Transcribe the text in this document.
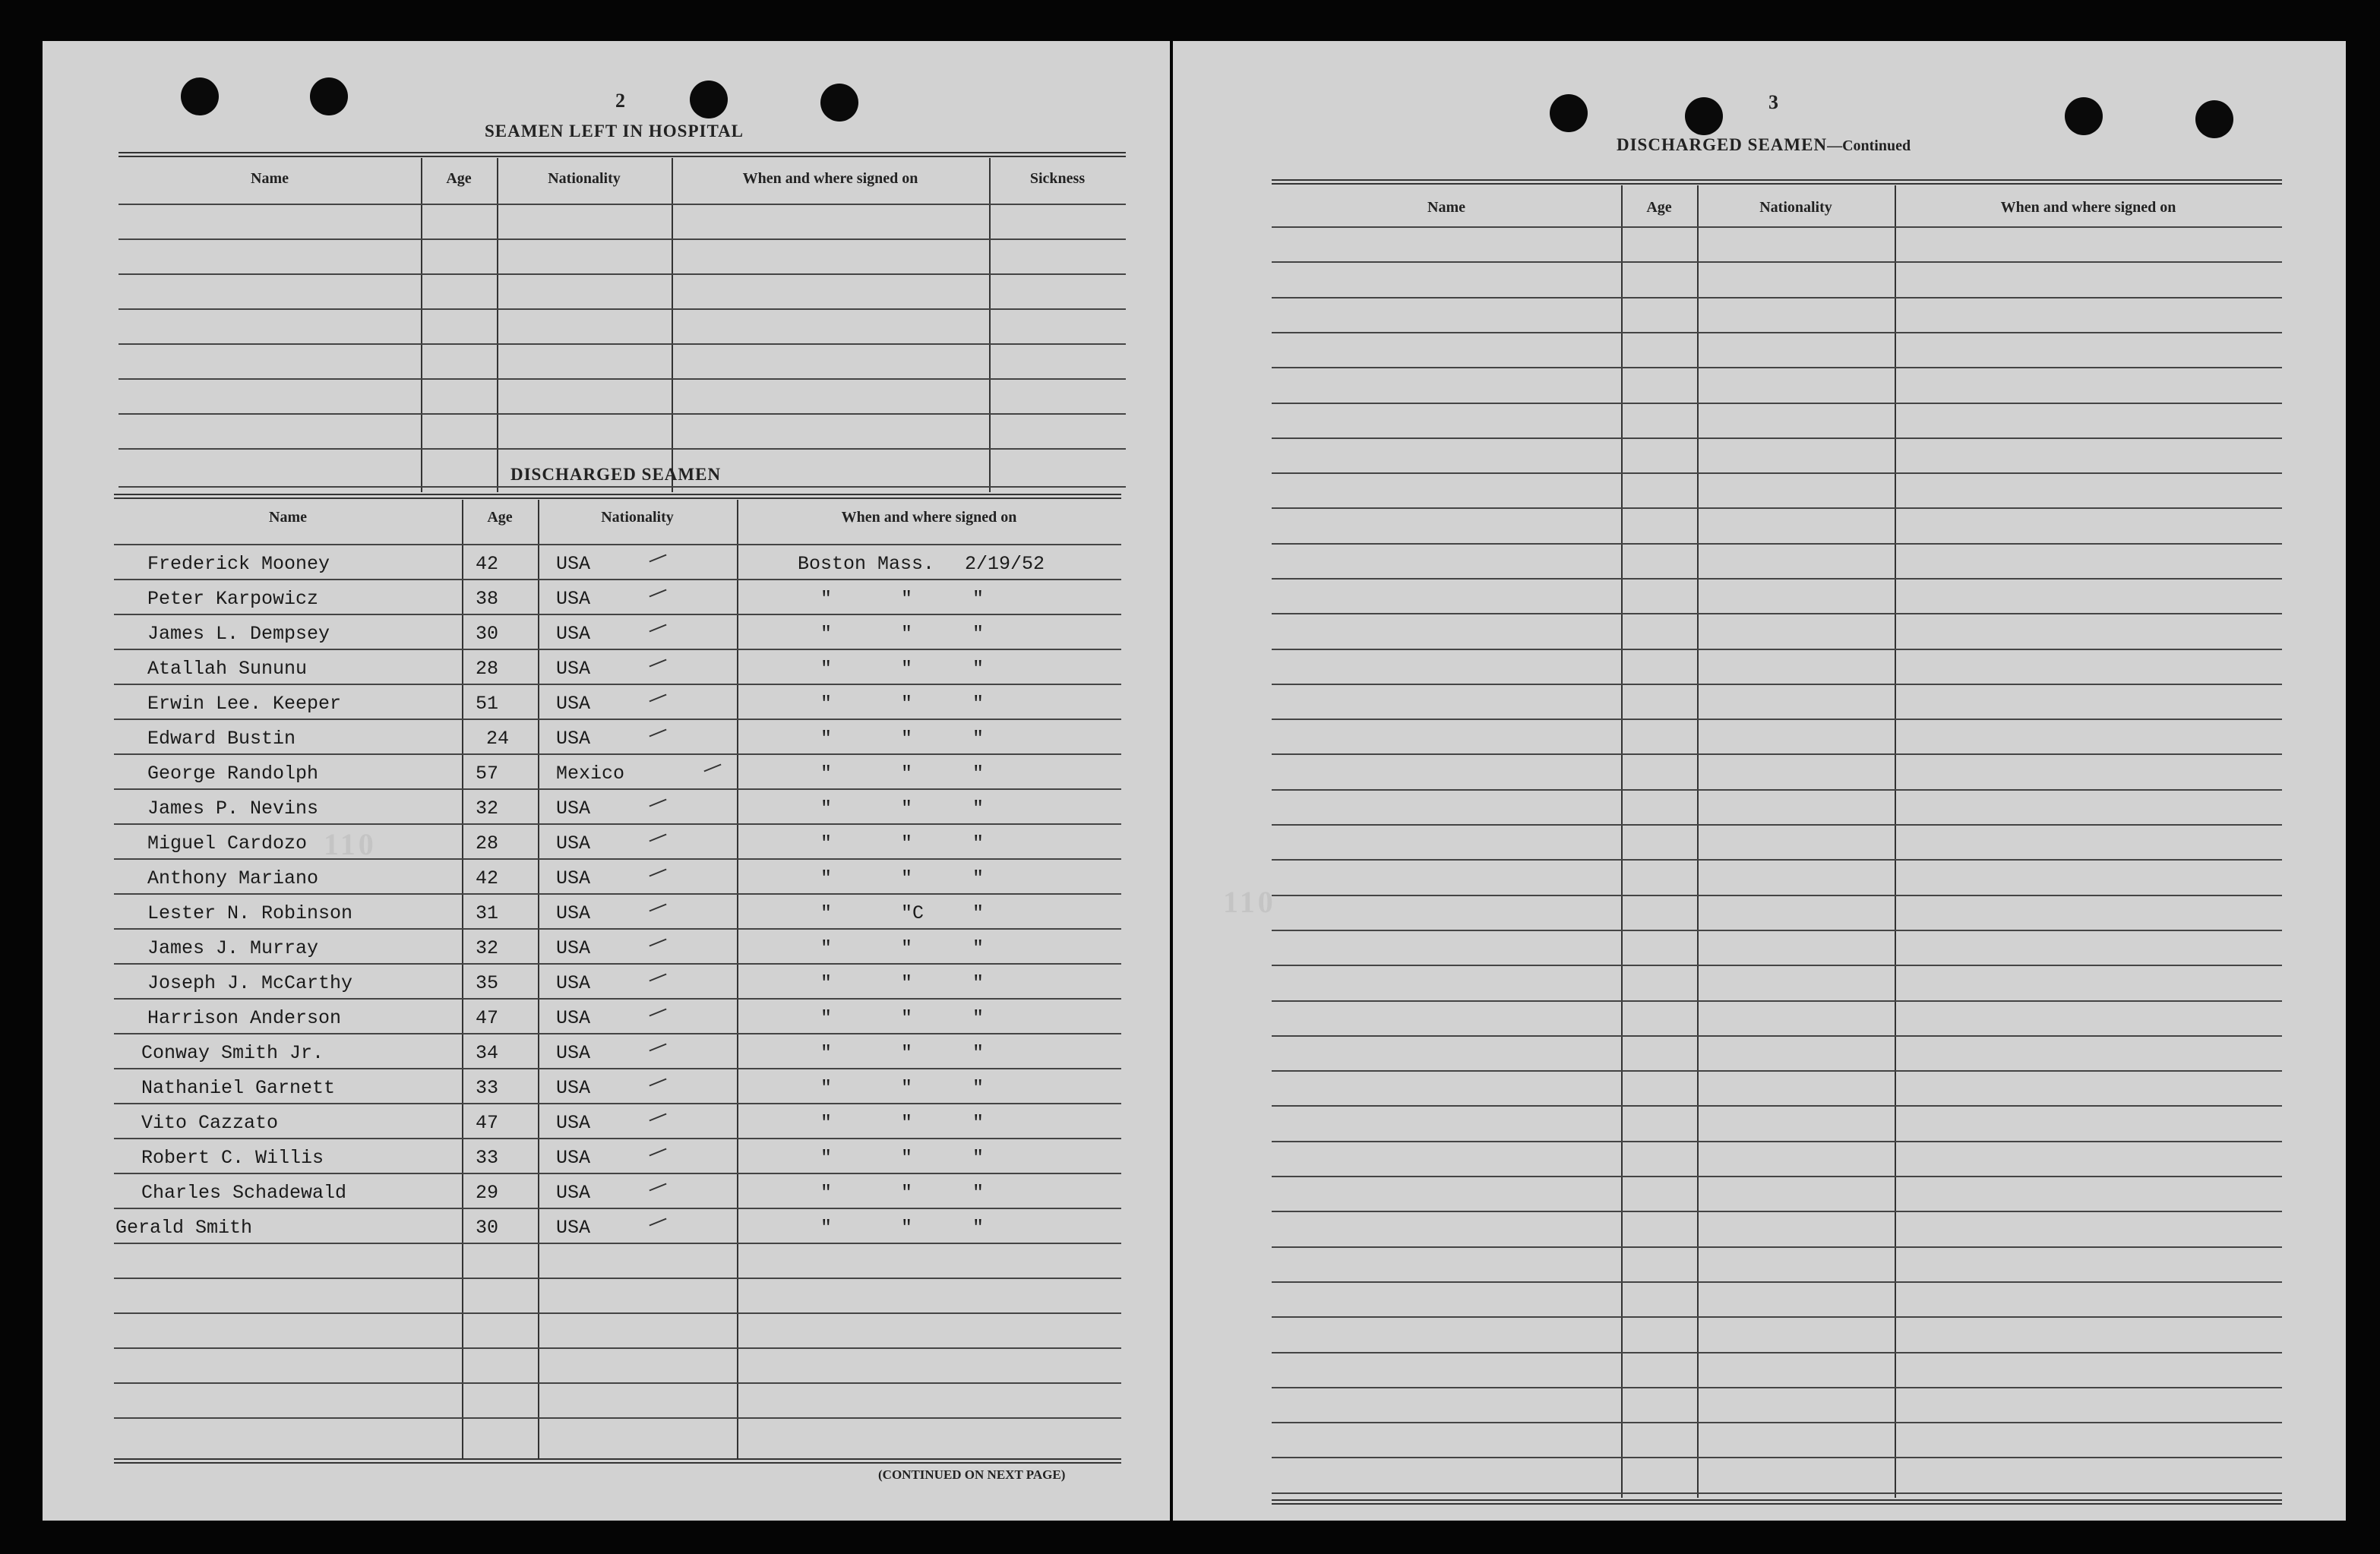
2
SEAMEN LEFT IN HOSPITAL
Name	Age	Nationality	When and where signed on	Sickness
DISCHARGED SEAMEN
Name	Age	Nationality	When and where signed on
Frederick Mooney	42	USA	Boston Mass. 2/19/52
Peter Karpowicz	38	USA	"	"	"
James L. Dempsey	30	USA	"	"	"
Atallah Sununu	28	USA	"	"	"
Erwin Lee. Keeper	51	USA	"	"	"
Edward Bustin	24 USA	"	"	"
George Randolph	57	Mexico	"	"	"
James P. Nevins	32	USA	"	"	"
Miguel Cardozo	28	USA	"	"	"
Anthony Mariano	42	USA	"	"	"
Lester N. Robinson	31	USA	"	"C	"
James J. Murray	32	USA	"	"	"
Joseph J. McCarthy	35	USA	"	"	"
Harrison Anderson	47	USA	"	"	"
Conway Smith Jr.	34	USA	"	"	"
Nathaniel Garnett	33	USA	"	"	"
Vito Cazzato	47	USA	"	"	"
Robert C. Willis	33	USA	"	"	"
Charles Schadewald	29	USA	"	"	"
Gerald Smith	30	USA	"	"	"
110
(CONTINUED ON NEXT PAGE)
3
DISCHARGED SEAMEN—Continued
Name	Age	Nationality	When and where signed on
110
